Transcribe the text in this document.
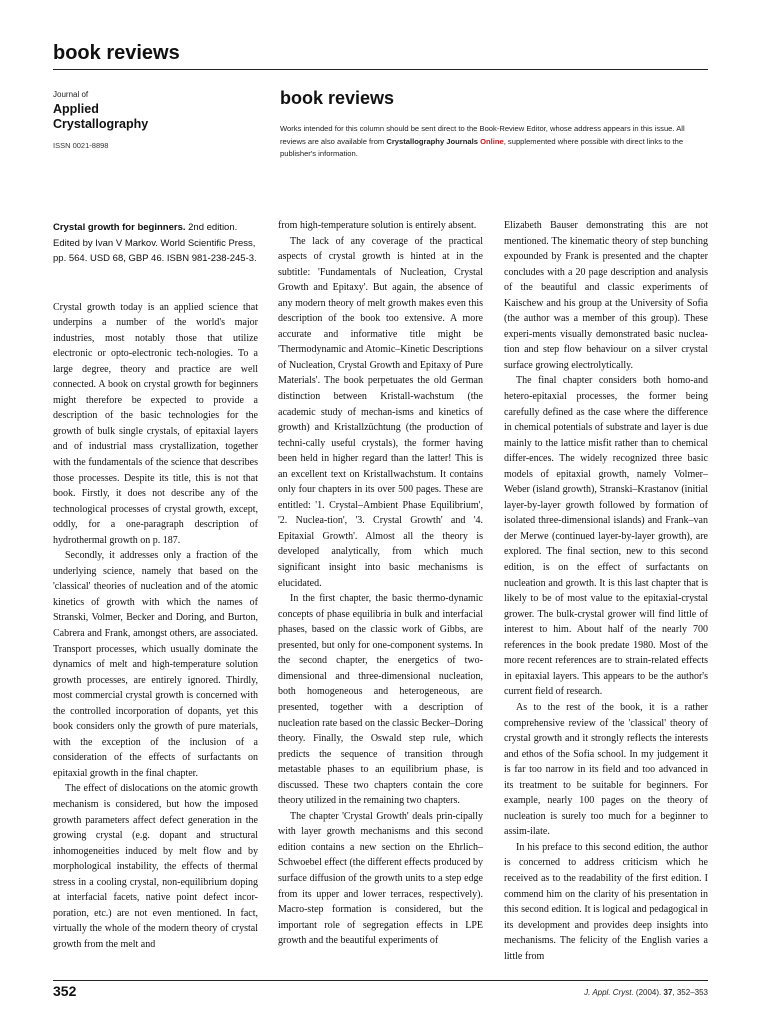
book reviews
Journal of
Applied
Crystallography
ISSN 0021-8898
book reviews
Works intended for this column should be sent direct to the Book-Review Editor, whose address appears in this issue. All reviews are also available from Crystallography Journals Online, supplemented where possible with direct links to the publisher's information.

Crystal growth for beginners. 2nd edition. Edited by Ivan V Markov. World Scientific Press, pp. 564. USD 68, GBP 46. ISBN 981-238-245-3.

Crystal growth today is an applied science that underpins a number of the world's major industries, most notably those that utilize electronic or opto-electronic tech-nologies. To a large degree, theory and practice are well connected. A book on crystal growth for beginners might therefore be expected to provide a description of the basic technologies for the growth of bulk single crystals, of epitaxial layers and of industrial mass crystallization, together with the fundamentals of the science that describes those processes. Despite its title, this is not that book. Firstly, it does not describe any of the technological processes of crystal growth, except, oddly, for a one-paragraph description of hydrothermal growth on p. 187.

Secondly, it addresses only a fraction of the underlying science, namely that based on the 'classical' theories of nucleation and of the atomic kinetics of growth with which the names of Stranski, Volmer, Becker and Doring, and Burton, Cabrera and Frank, amongst others, are associated. Transport processes, which usually dominate the dynamics of melt and high-temperature solution growth processes, are entirely ignored. Thirdly, most commercial crystal growth is concerned with the controlled incorporation of dopants, yet this book considers only the growth of pure materials, with the exception of the inclusion of a consideration of the effects of surfactants on epitaxial growth in the final chapter.

The effect of dislocations on the atomic growth mechanism is considered, but how the imposed growth parameters affect defect generation in the growing crystal (e.g. dopant and structural inhomogeneities induced by melt flow and by morphological instability, the effects of thermal stress in a cooling crystal, non-equilibrium doping at interfacial facets, native point defect incor-poration, etc.) are not even mentioned. In fact, virtually the whole of the modern theory of crystal growth from the melt and

from high-temperature solution is entirely absent.

The lack of any coverage of the practical aspects of crystal growth is hinted at in the subtitle: 'Fundamentals of Nucleation, Crystal Growth and Epitaxy'. But again, the absence of any modern theory of melt growth makes even this description of the book too extensive. A more accurate and informative title might be 'Thermodynamic and Atomic–Kinetic Descriptions of Nucleation, Crystal Growth and Epitaxy of Pure Materials'. The book perpetuates the old German distinction between Kristall-wachstum (the academic study of mechan-isms and kinetics of growth) and Kristallzüchtung (the production of techni-cally useful crystals), the former having been held in higher regard than the latter! This is an excellent text on Kristallwachstum. It contains only four chapters in its over 500 pages. These are entitled: '1. Crystal–Ambient Phase Equilibrium', '2. Nuclea-tion', '3. Crystal Growth' and '4. Epitaxial Growth'. Almost all the theory is developed analytically, from which much significant insight into basic mechanisms is elucidated.

In the first chapter, the basic thermo-dynamic concepts of phase equilibria in bulk and interfacial phases, based on the classic work of Gibbs, are presented, but only for one-component systems. In the second chapter, the energetics of two-dimensional and three-dimensional nucleation, both homogeneous and heterogeneous, are presented, together with a description of nucleation rate based on the classic Becker–Doring theory. Finally, the Oswald step rule, which predicts the sequence of transition through metastable phases to an equilibrium phase, is discussed. These two chapters contain the core theory utilized in the remaining two chapters.

The chapter 'Crystal Growth' deals prin-cipally with layer growth mechanisms and this second edition contains a new section on the Ehrlich–Schwoebel effect (the different effects produced by surface diffusion of the growth units to a step edge from its upper and lower terraces, respectively). Macro-step formation is considered, but the important role of segregation effects in LPE growth and the beautiful experiments of

Elizabeth Bauser demonstrating this are not mentioned. The kinematic theory of step bunching expounded by Frank is presented and the chapter concludes with a 20 page description and analysis of the beautiful and classic experiments of Kaischew and his group at the University of Sofia (the author was a member of this group). These experi-ments visually demonstrated basic nuclea-tion and step flow behaviour on a silver crystal surface growing electrolytically.

The final chapter considers both homo-and hetero-epitaxial processes, the former being carefully defined as the case where the difference in chemical potentials of substrate and layer is due mainly to the lattice misfit rather than to chemical differ-ences. The widely recognized three basic models of epitaxial growth, namely Volmer–Weber (island growth), Stranski–Krastanov (initial layer-by-layer growth followed by formation of isolated three-dimensional islands) and Frank–van der Merwe (continued layer-by-layer growth), are explored. The final section, new to this second edition, is on the effect of surfactants on nucleation and growth. It is this last chapter that is likely to be of most value to the epitaxial-crystal grower. The bulk-crystal grower will find little of interest to him. About half of the nearly 700 references in the book predate 1980. Most of the more recent references are to strain-related effects in epitaxial layers. This appears to be the author's current field of research.

As to the rest of the book, it is a rather comprehensive review of the 'classical' theory of crystal growth and it strongly reflects the interests and ethos of the Sofia school. In my judgement it is far too narrow in its field and too advanced in its treatment to be suitable for beginners. For example, nearly 100 pages on the theory of nucleation is surely too much for a beginner to assim-ilate.

In his preface to this second edition, the author is concerned to address criticism which he received as to the readability of the first edition. I commend him on the clarity of his presentation in this second edition. It is logical and pedagogical in its development and provides deep insights into mechanisms. The felicity of the English varies a little from

352	J. Appl. Cryst. (2004). 37, 352–353
